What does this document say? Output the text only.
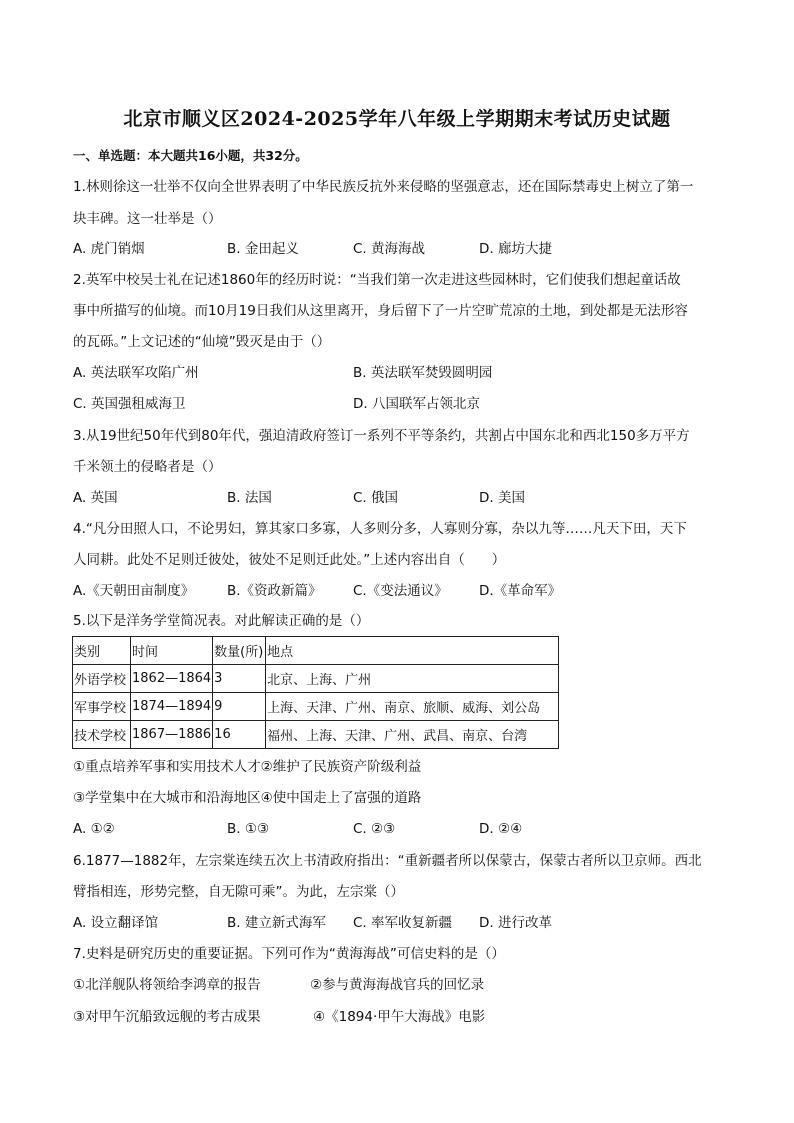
北京市顺义区2024-2025学年八年级上学期期末考试历史试题
一、单选题：本大题共16小题，共32分。
1.林则徐这一壮举不仅向全世界表明了中华民族反抗外来侵略的坚强意志，还在国际禁毒史上树立了第一
块丰碑。这一壮举是（）
A. 虎门销烟	B. 金田起义	C. 黄海海战	D. 廊坊大捷
2.英军中校吴士礼在记述1860年的经历时说：“当我们第一次走进这些园林时，它们使我们想起童话故
事中所描写的仙境。而10月19日我们从这里离开，身后留下了一片空旷荒凉的土地，到处都是无法形容
的瓦砾。”上文记述的“仙境”毁灭是由于（）
A. 英法联军攻陷广州	B. 英法联军焚毁圆明园
C. 英国强租威海卫	D. 八国联军占领北京
3.从19世纪50年代到80年代，强迫清政府签订一系列不平等条约，共割占中国东北和西北150多万平方
千米领土的侵略者是（）
A. 英国	B. 法国	C. 俄国	D. 美国
4.“凡分田照人口，不论男妇，算其家口多寡，人多则分多，人寡则分寡，杂以九等……凡天下田，天下
人同耕。此处不足则迁彼处，彼处不足则迁此处。”上述内容出自（　　）
A.《天朝田亩制度》 B.《资政新篇》 C.《变法通议》 D.《革命军》
5.以下是洋务学堂简况表。对此解读正确的是（）
类别	时间	数量(所)	地点
外语学校	1862—1864	3	北京、上海、广州
军事学校	1874—1894	9	上海、天津、广州、南京、旅顺、威海、刘公岛
技术学校	1867—1886	16	福州、上海、天津、广州、武昌、南京、台湾
①重点培养军事和实用技术人才②维护了民族资产阶级利益
③学堂集中在大城市和沿海地区④使中国走上了富强的道路
A. ①②	B. ①③	C. ②③	D. ②④
6.1877—1882年，左宗棠连续五次上书清政府指出：“重新疆者所以保蒙古，保蒙古者所以卫京师。西北
臂指相连，形势完整，自无隙可乘”。为此，左宗棠（）
A. 设立翻译馆	B. 建立新式海军 C. 率军收复新疆 D. 进行改革
7.史料是研究历史的重要证据。下列可作为“黄海海战”可信史料的是（）
①北洋舰队将领给李鸿章的报告	②参与黄海海战官兵的回忆录
③对甲午沉船致远舰的考古成果	④《1894·甲午大海战》电影
